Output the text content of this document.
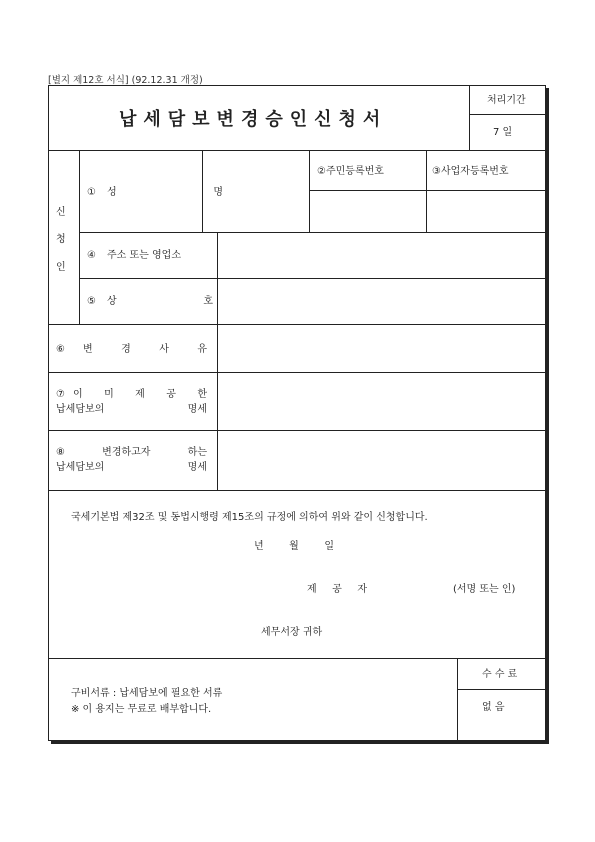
[별지 제12호 서식] (92.12.31 개정)
납세담보변경승인신청서
처리기간
7 일
신
청
인
① 성	명
②주민등록번호	③사업자등록번호
④ 주소 또는 영업소
⑤ 상	호
⑥ 변	경	사	유
⑦ 이 미 제 공 한
납세담보의	명세
⑧	변경하고자	하는
납세담보의	명세
국세기본법 제32조 및 동법시행령 제15조의 규정에 의하여 위와 같이 신청합니다.
년	월	일
제 공 자	(서명 또는 인)
세무서장 귀하
구비서류 : 납세담보에 필요한 서류
※ 이 용지는 무료로 배부합니다.
수 수 료
없 음
